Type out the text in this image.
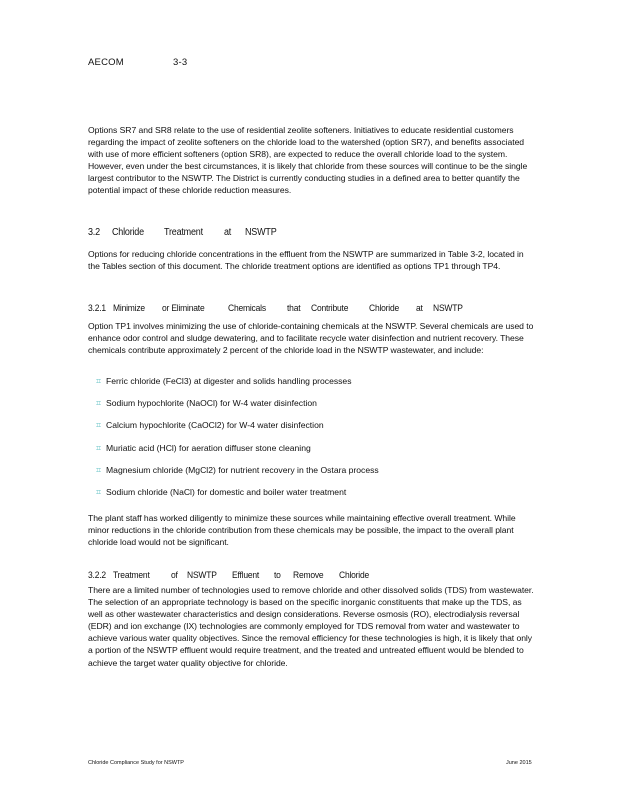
AECOM	3-3
Options SR7 and SR8 relate to the use of residential zeolite softeners. Initiatives to educate residential customers regarding the impact of zeolite softeners on the chloride load to the watershed (option SR7), and benefits associated with use of more efficient softeners (option SR8), are expected to reduce the overall chloride load to the system. However, even under the best circumstances, it is likely that chloride from these sources will continue to be the single largest contributor to the NSWTP. The District is currently conducting studies in a defined area to better quantify the potential impact of these chloride reduction measures.
3.2 Chloride Treatment at NSWTP
Options for reducing chloride concentrations in the effluent from the NSWTP are summarized in Table 3-2, located in the Tables section of this document. The chloride treatment options are identified as options TP1 through TP4.
3.2.1 Minimize or Eliminate	Chemicals that Contribute Chloride at NSWTP
Option TP1 involves minimizing the use of chloride-containing chemicals at the NSWTP. Several chemicals are used to enhance odor control and sludge dewatering, and to facilitate recycle water disinfection and nutrient recovery. These chemicals contribute approximately 2 percent of the chloride load in the NSWTP wastewater, and include:
⌗ Ferric chloride (FeCl3) at digester and solids handling processes
⌗ Sodium hypochlorite (NaOCl) for W-4 water disinfection
⌗ Calcium hypochlorite (CaOCl2) for W-4 water disinfection
⌗ Muriatic acid (HCl) for aeration diffuser stone cleaning
⌗ Magnesium chloride (MgCl2) for nutrient recovery in the Ostara process
⌗ Sodium chloride (NaCl) for domestic and boiler water treatment
The plant staff has worked diligently to minimize these sources while maintaining effective overall treatment. While minor reductions in the chloride contribution from these chemicals may be possible, the impact to the overall plant chloride load would not be significant.
3.2.2 Treatment	of NSWTP Effluent to Remove Chloride
There are a limited number of technologies used to remove chloride and other dissolved solids (TDS) from wastewater. The selection of an appropriate technology is based on the specific inorganic constituents that make up the TDS, as well as other wastewater characteristics and design considerations. Reverse osmosis (RO), electrodialysis reversal (EDR) and ion exchange (IX) technologies are commonly employed for TDS removal from water and wastewater to achieve various water quality objectives. Since the removal efficiency for these technologies is high, it is likely that only a portion of the NSWTP effluent would require treatment, and the treated and untreated effluent would be blended to achieve the target water quality objective for chloride.
Chloride Compliance Study for NSWTP	June 2015
